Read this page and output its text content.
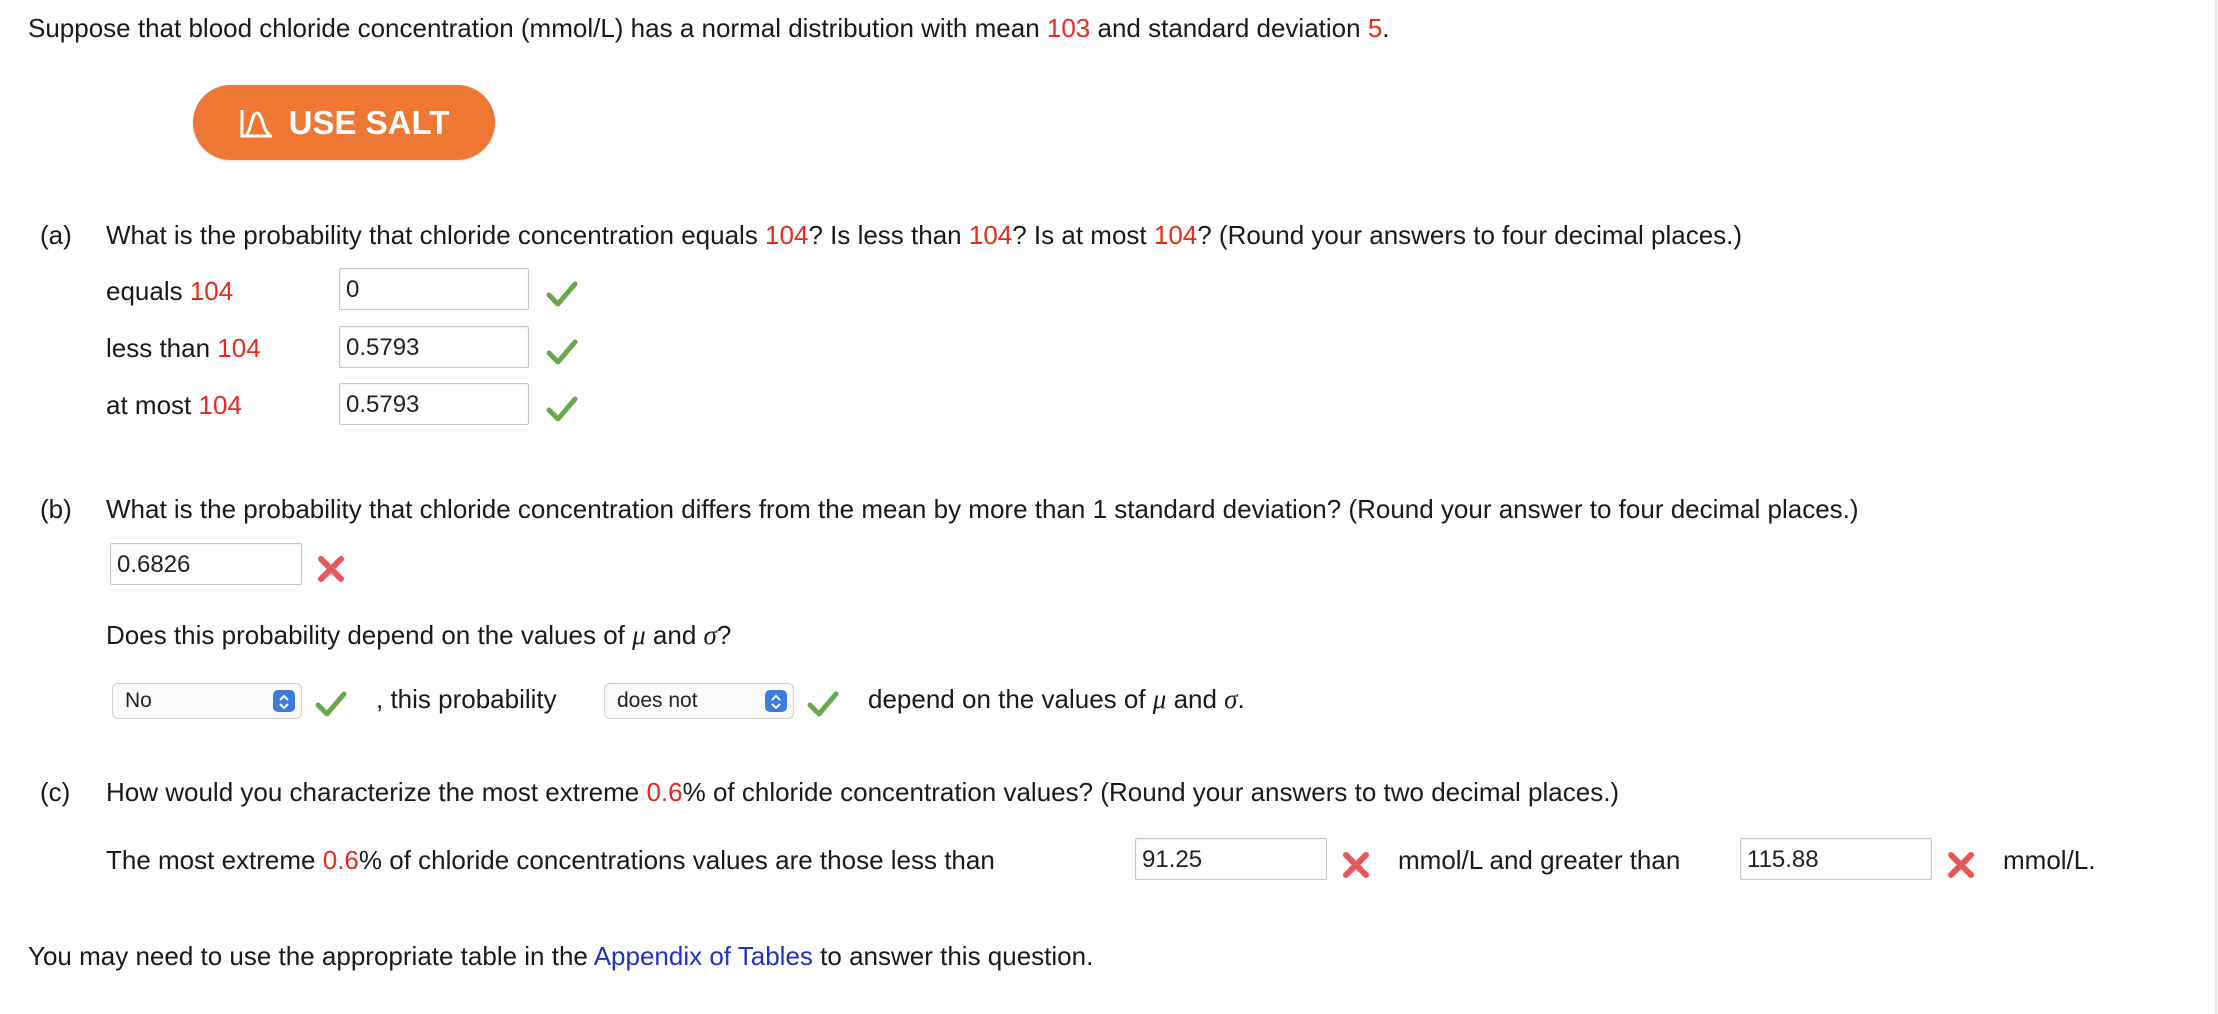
Suppose that blood chloride concentration (mmol/L) has a normal distribution with mean 103 and standard deviation 5.
USE SALT
(a) What is the probability that chloride concentration equals 104? Is less than 104? Is at most 104? (Round your answers to four decimal places.)
equals 104	0
less than 104	0.5793
at most 104	0.5793
(b) What is the probability that chloride concentration differs from the mean by more than 1 standard deviation? (Round your answer to four decimal places.)
0.6826
Does this probability depend on the values of μ and σ?
No	, this probability	does not	depend on the values of μ and σ.
(c) How would you characterize the most extreme 0.6% of chloride concentration values? (Round your answers to two decimal places.)
The most extreme 0.6% of chloride concentrations values are those less than	91.25	mmol/L and greater than	115.88	mmol/L.
You may need to use the appropriate table in the Appendix of Tables to answer this question.
